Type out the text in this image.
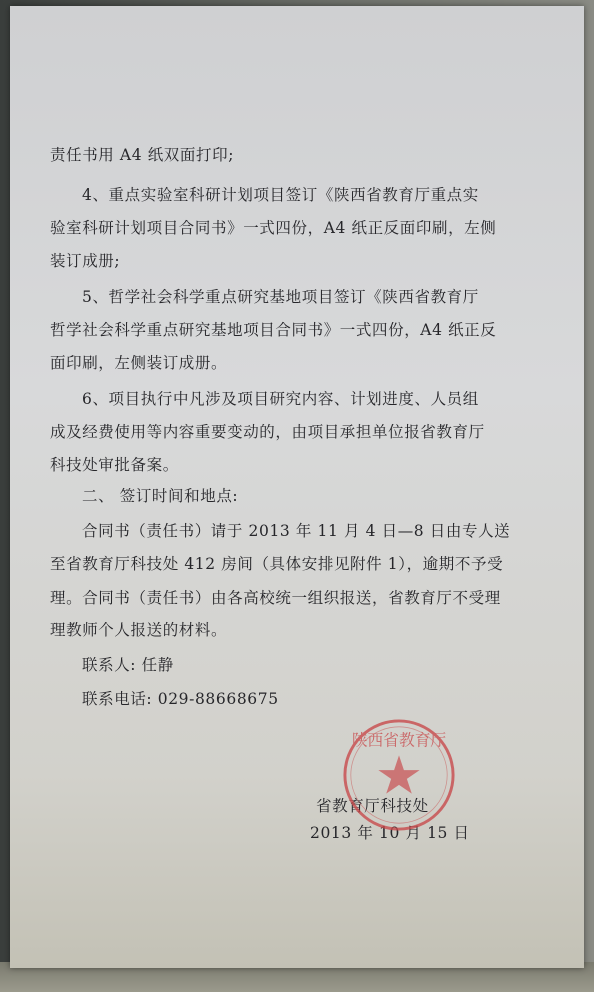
责任书用 A4 纸双面打印;
4、重点实验室科研计划项目签订《陕西省教育厅重点实
验室科研计划项目合同书》一式四份，A4 纸正反面印刷，左侧
装订成册;
5、哲学社会科学重点研究基地项目签订《陕西省教育厅
哲学社会科学重点研究基地项目合同书》一式四份，A4 纸正反
面印刷，左侧装订成册。
6、项目执行中凡涉及项目研究内容、计划进度、人员组
成及经费使用等内容重要变动的，由项目承担单位报省教育厅
科技处审批备案。
二、 签订时间和地点:
合同书（责任书）请于 2013 年 11 月 4 日—8 日由专人送
至省教育厅科技处 412 房间（具体安排见附件 1），逾期不予受
理。合同书（责任书）由各高校统一组织报送，省教育厅不受理
理教师个人报送的材料。
联系人: 任静
联系电话: 029-88668675
省教育厅科技处
2013 年 10 月 15 日
陕西省教育厅
